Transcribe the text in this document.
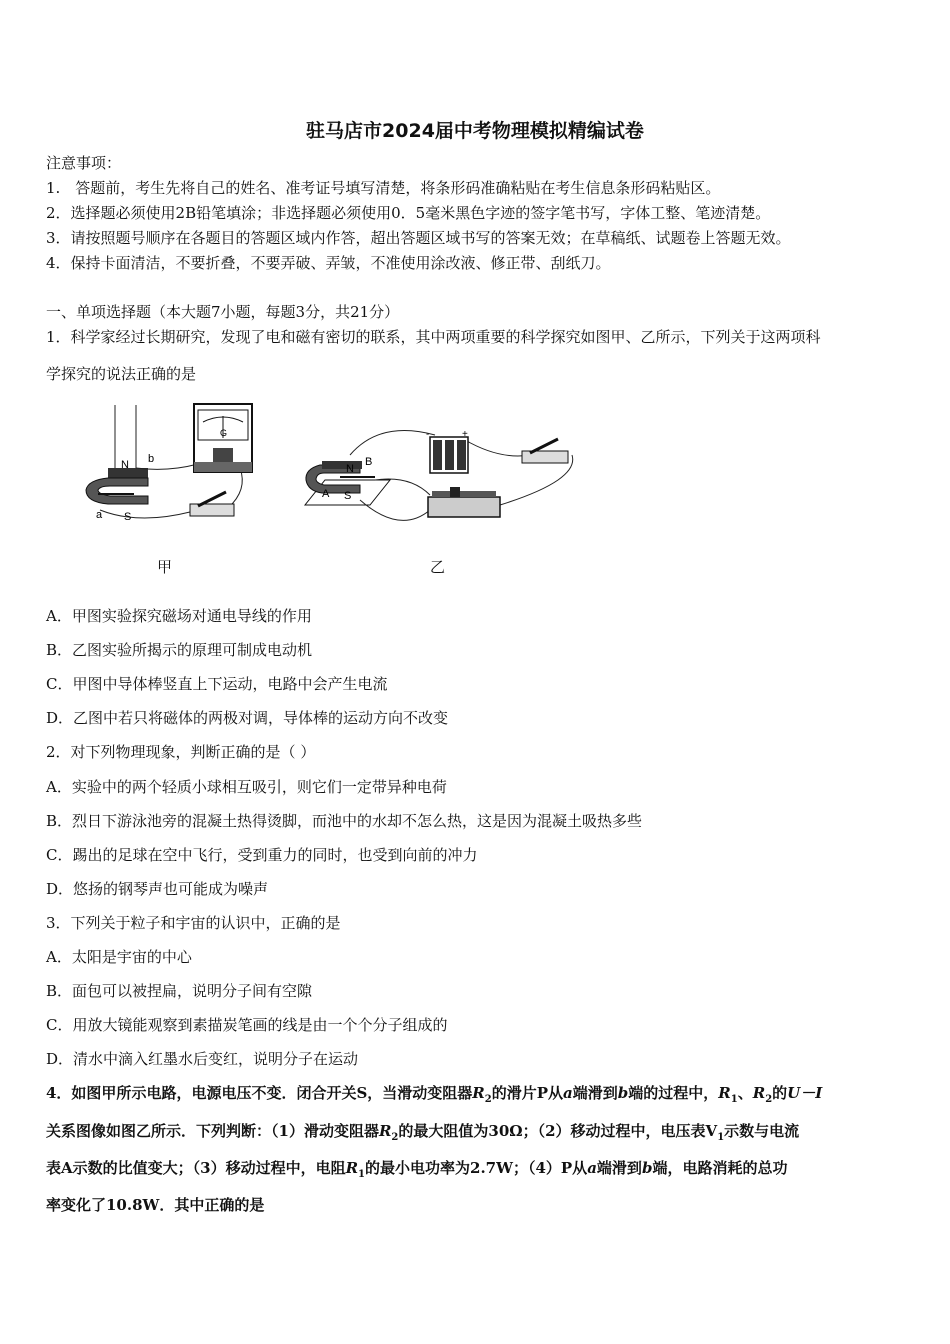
驻马店市2024届中考物理模拟精编试卷
注意事项：
1.　答题前，考生先将自己的姓名、准考证号填写清楚，将条形码准确粘贴在考生信息条形码粘贴区。
2．选择题必须使用2B铅笔填涂；非选择题必须使用0．5毫米黑色字迹的签字笔书写，字体工整、笔迹清楚。
3．请按照题号顺序在各题目的答题区域内作答，超出答题区域书写的答案无效；在草稿纸、试题卷上答题无效。
4．保持卡面清洁，不要折叠，不要弄破、弄皱，不准使用涂改液、修正带、刮纸刀。
一、单项选择题（本大题7小题，每题3分，共21分）
1．科学家经过长期研究，发现了电和磁有密切的联系，其中两项重要的科学探究如图甲、乙所示，下列关于这两项科
学探究的说法正确的是
N b
a S
G
N
B
A S
-	+
甲	乙
A．甲图实验探究磁场对通电导线的作用
B．乙图实验所揭示的原理可制成电动机
C．甲图中导体棒竖直上下运动，电路中会产生电流
D．乙图中若只将磁体的两极对调，导体棒的运动方向不改变
2．对下列物理现象，判断正确的是（ ）
A．实验中的两个轻质小球相互吸引，则它们一定带异种电荷
B．烈日下游泳池旁的混凝土热得烫脚，而池中的水却不怎么热，这是因为混凝土吸热多些
C．踢出的足球在空中飞行，受到重力的同时，也受到向前的冲力
D．悠扬的钢琴声也可能成为噪声
3．下列关于粒子和宇宙的认识中，正确的是
A．太阳是宇宙的中心
B．面包可以被捏扁，说明分子间有空隙
C．用放大镜能观察到素描炭笔画的线是由一个个分子组成的
D．清水中滴入红墨水后变红，说明分子在运动
4．如图甲所示电路，电源电压不变．闭合开关S，当滑动变阻器$R_2$的滑片P从a端滑到b端的过程中，$R_1$、$R_2$的U－I
关系图像如图乙所示．下列判断：（1）滑动变阻器$R_2$的最大阻值为30Ω；（2）移动过程中，电压表$V_1$示数与电流
表A示数的比值变大；（3）移动过程中，电阻$R_1$的最小电功率为2.7W；（4）P从a端滑到b端，电路消耗的总功
率变化了10.8W．其中正确的是
